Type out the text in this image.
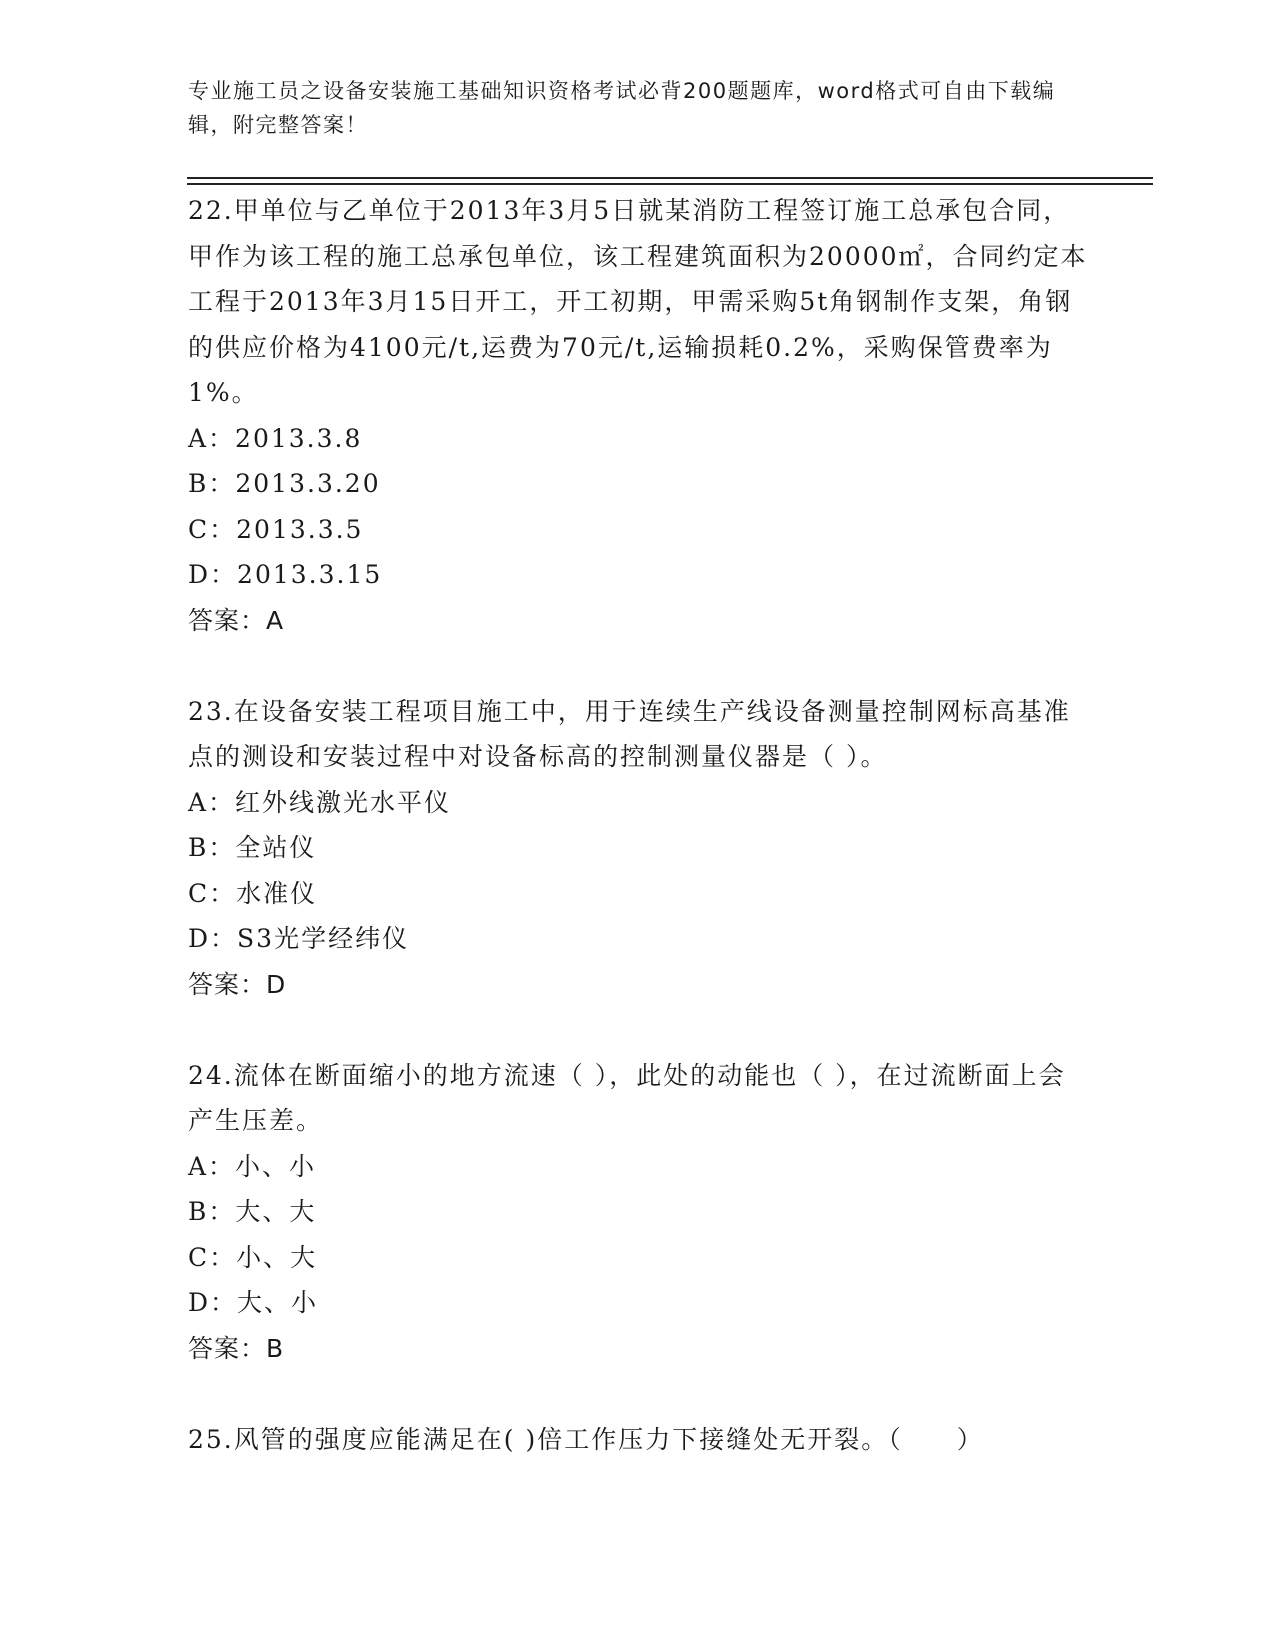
专业施工员之设备安装施工基础知识资格考试必背200题题库，word格式可自由下载编辑，附完整答案！

22.甲单位与乙单位于2013年3月5日就某消防工程签订施工总承包合同，甲作为该工程的施工总承包单位，该工程建筑面积为20000㎡，合同约定本工程于2013年3月15日开工，开工初期，甲需采购5t角钢制作支架，角钢的供应价格为4100元/t,运费为70元/t,运输损耗0.2%，采购保管费率为1%。

A：2013.3.8

B：2013.3.20

C：2013.3.5

D：2013.3.15

答案：A

23.在设备安装工程项目施工中，用于连续生产线设备测量控制网标高基准点的测设和安装过程中对设备标高的控制测量仪器是（ ）。

A：红外线激光水平仪

B：全站仪

C：水准仪

D：S3光学经纬仪

答案：D

24.流体在断面缩小的地方流速（ ），此处的动能也（ ），在过流断面上会产生压差。

A：小、小

B：大、大

C：小、大

D：大、小

答案：B

25.风管的强度应能满足在( )倍工作压力下接缝处无开裂。（　　）
